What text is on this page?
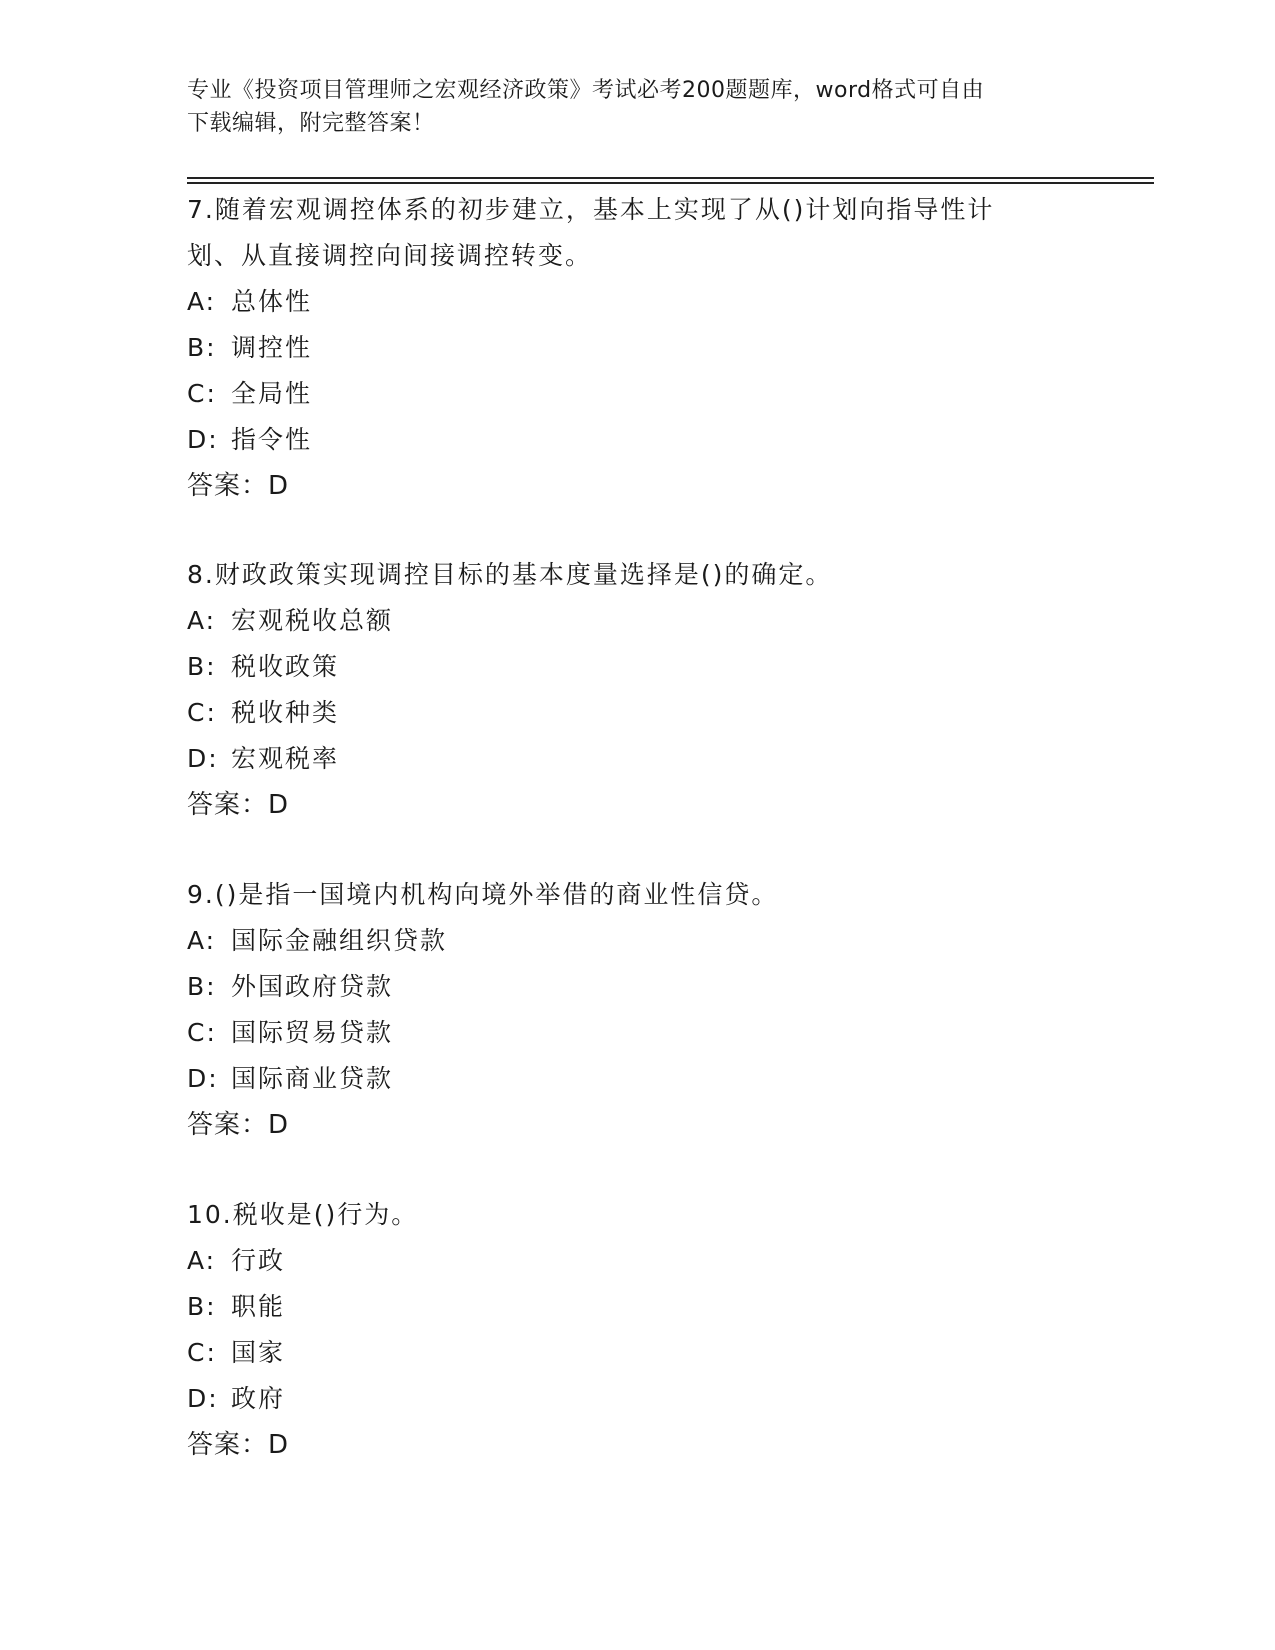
专业《投资项目管理师之宏观经济政策》考试必考200题题库，word格式可自由
下载编辑，附完整答案！
7.随着宏观调控体系的初步建立，基本上实现了从()计划向指导性计
划、从直接调控向间接调控转变。
A: 总体性
B: 调控性
C: 全局性
D: 指令性
答案：D
8.财政政策实现调控目标的基本度量选择是()的确定。
A: 宏观税收总额
B: 税收政策
C: 税收种类
D: 宏观税率
答案：D
9.()是指一国境内机构向境外举借的商业性信贷。
A: 国际金融组织贷款
B: 外国政府贷款
C: 国际贸易贷款
D: 国际商业贷款
答案：D
10.税收是()行为。
A: 行政
B: 职能
C: 国家
D: 政府
答案：D
